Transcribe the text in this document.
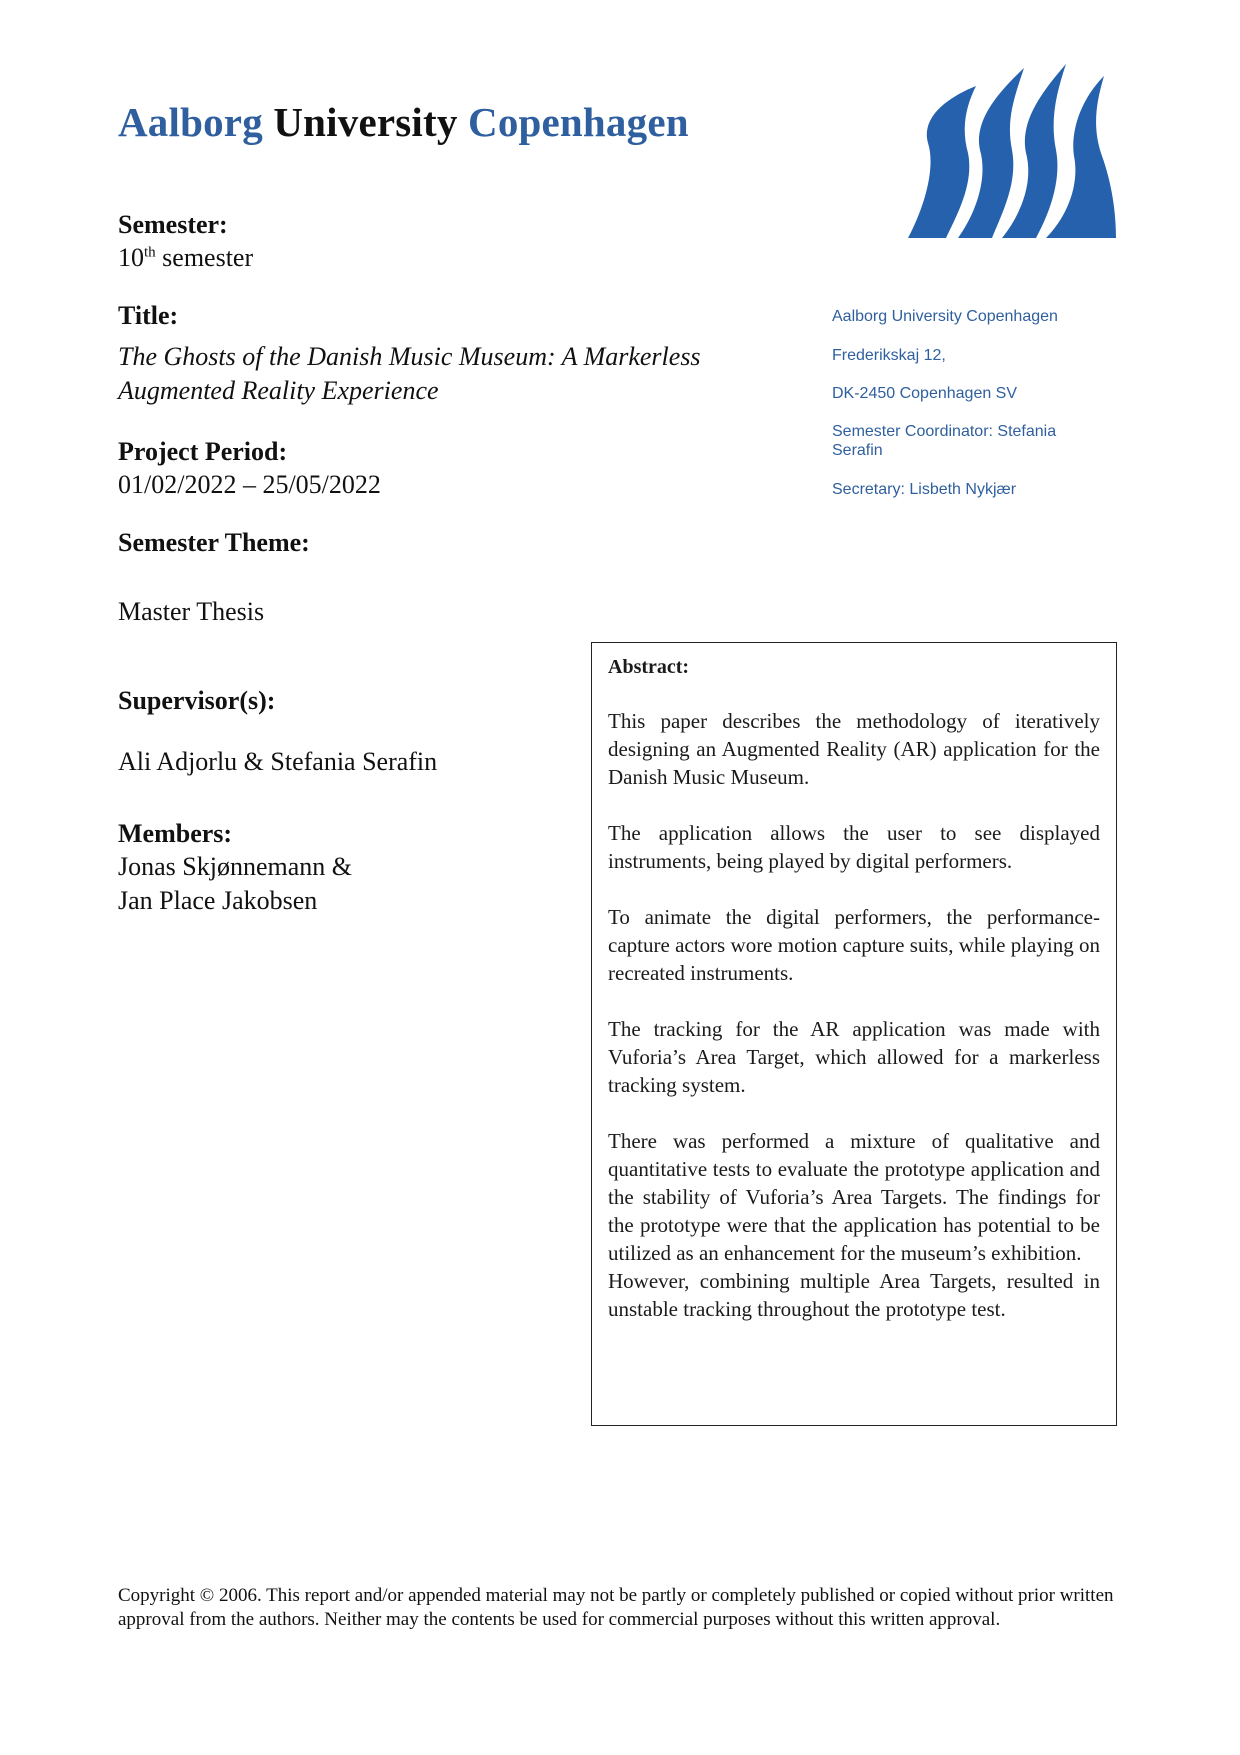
Aalborg University Copenhagen
Semester:
10th semester
Title:
The Ghosts of the Danish Music Museum: A Markerless
Augmented Reality Experience
Project Period:
01/02/2022 – 25/05/2022
Semester Theme:
Master Thesis
Supervisor(s):
Ali Adjorlu & Stefania Serafin
Members:
Jonas Skjønnemann &
Jan Place Jakobsen
Aalborg University Copenhagen
Frederikskaj 12,
DK-2450 Copenhagen SV
Semester Coordinator: Stefania Serafin
Secretary: Lisbeth Nykjær
Abstract:

This paper describes the methodology of iteratively designing an Augmented Reality (AR) application for the Danish Music Museum.

The application allows the user to see displayed instruments, being played by digital performers.

To animate the digital performers, the performance-capture actors wore motion capture suits, while playing on recreated instruments.

The tracking for the AR application was made with Vuforia’s Area Target, which allowed for a markerless tracking system.

There was performed a mixture of qualitative and quantitative tests to evaluate the prototype application and the stability of Vuforia’s Area Targets. The findings for the prototype were that the application has potential to be utilized as an enhancement for the museum’s exhibition.

However, combining multiple Area Targets, resulted in unstable tracking throughout the prototype test.

Copyright © 2006. This report and/or appended material may not be partly or completely published or copied without prior written approval from the authors. Neither may the contents be used for commercial purposes without this written approval.
